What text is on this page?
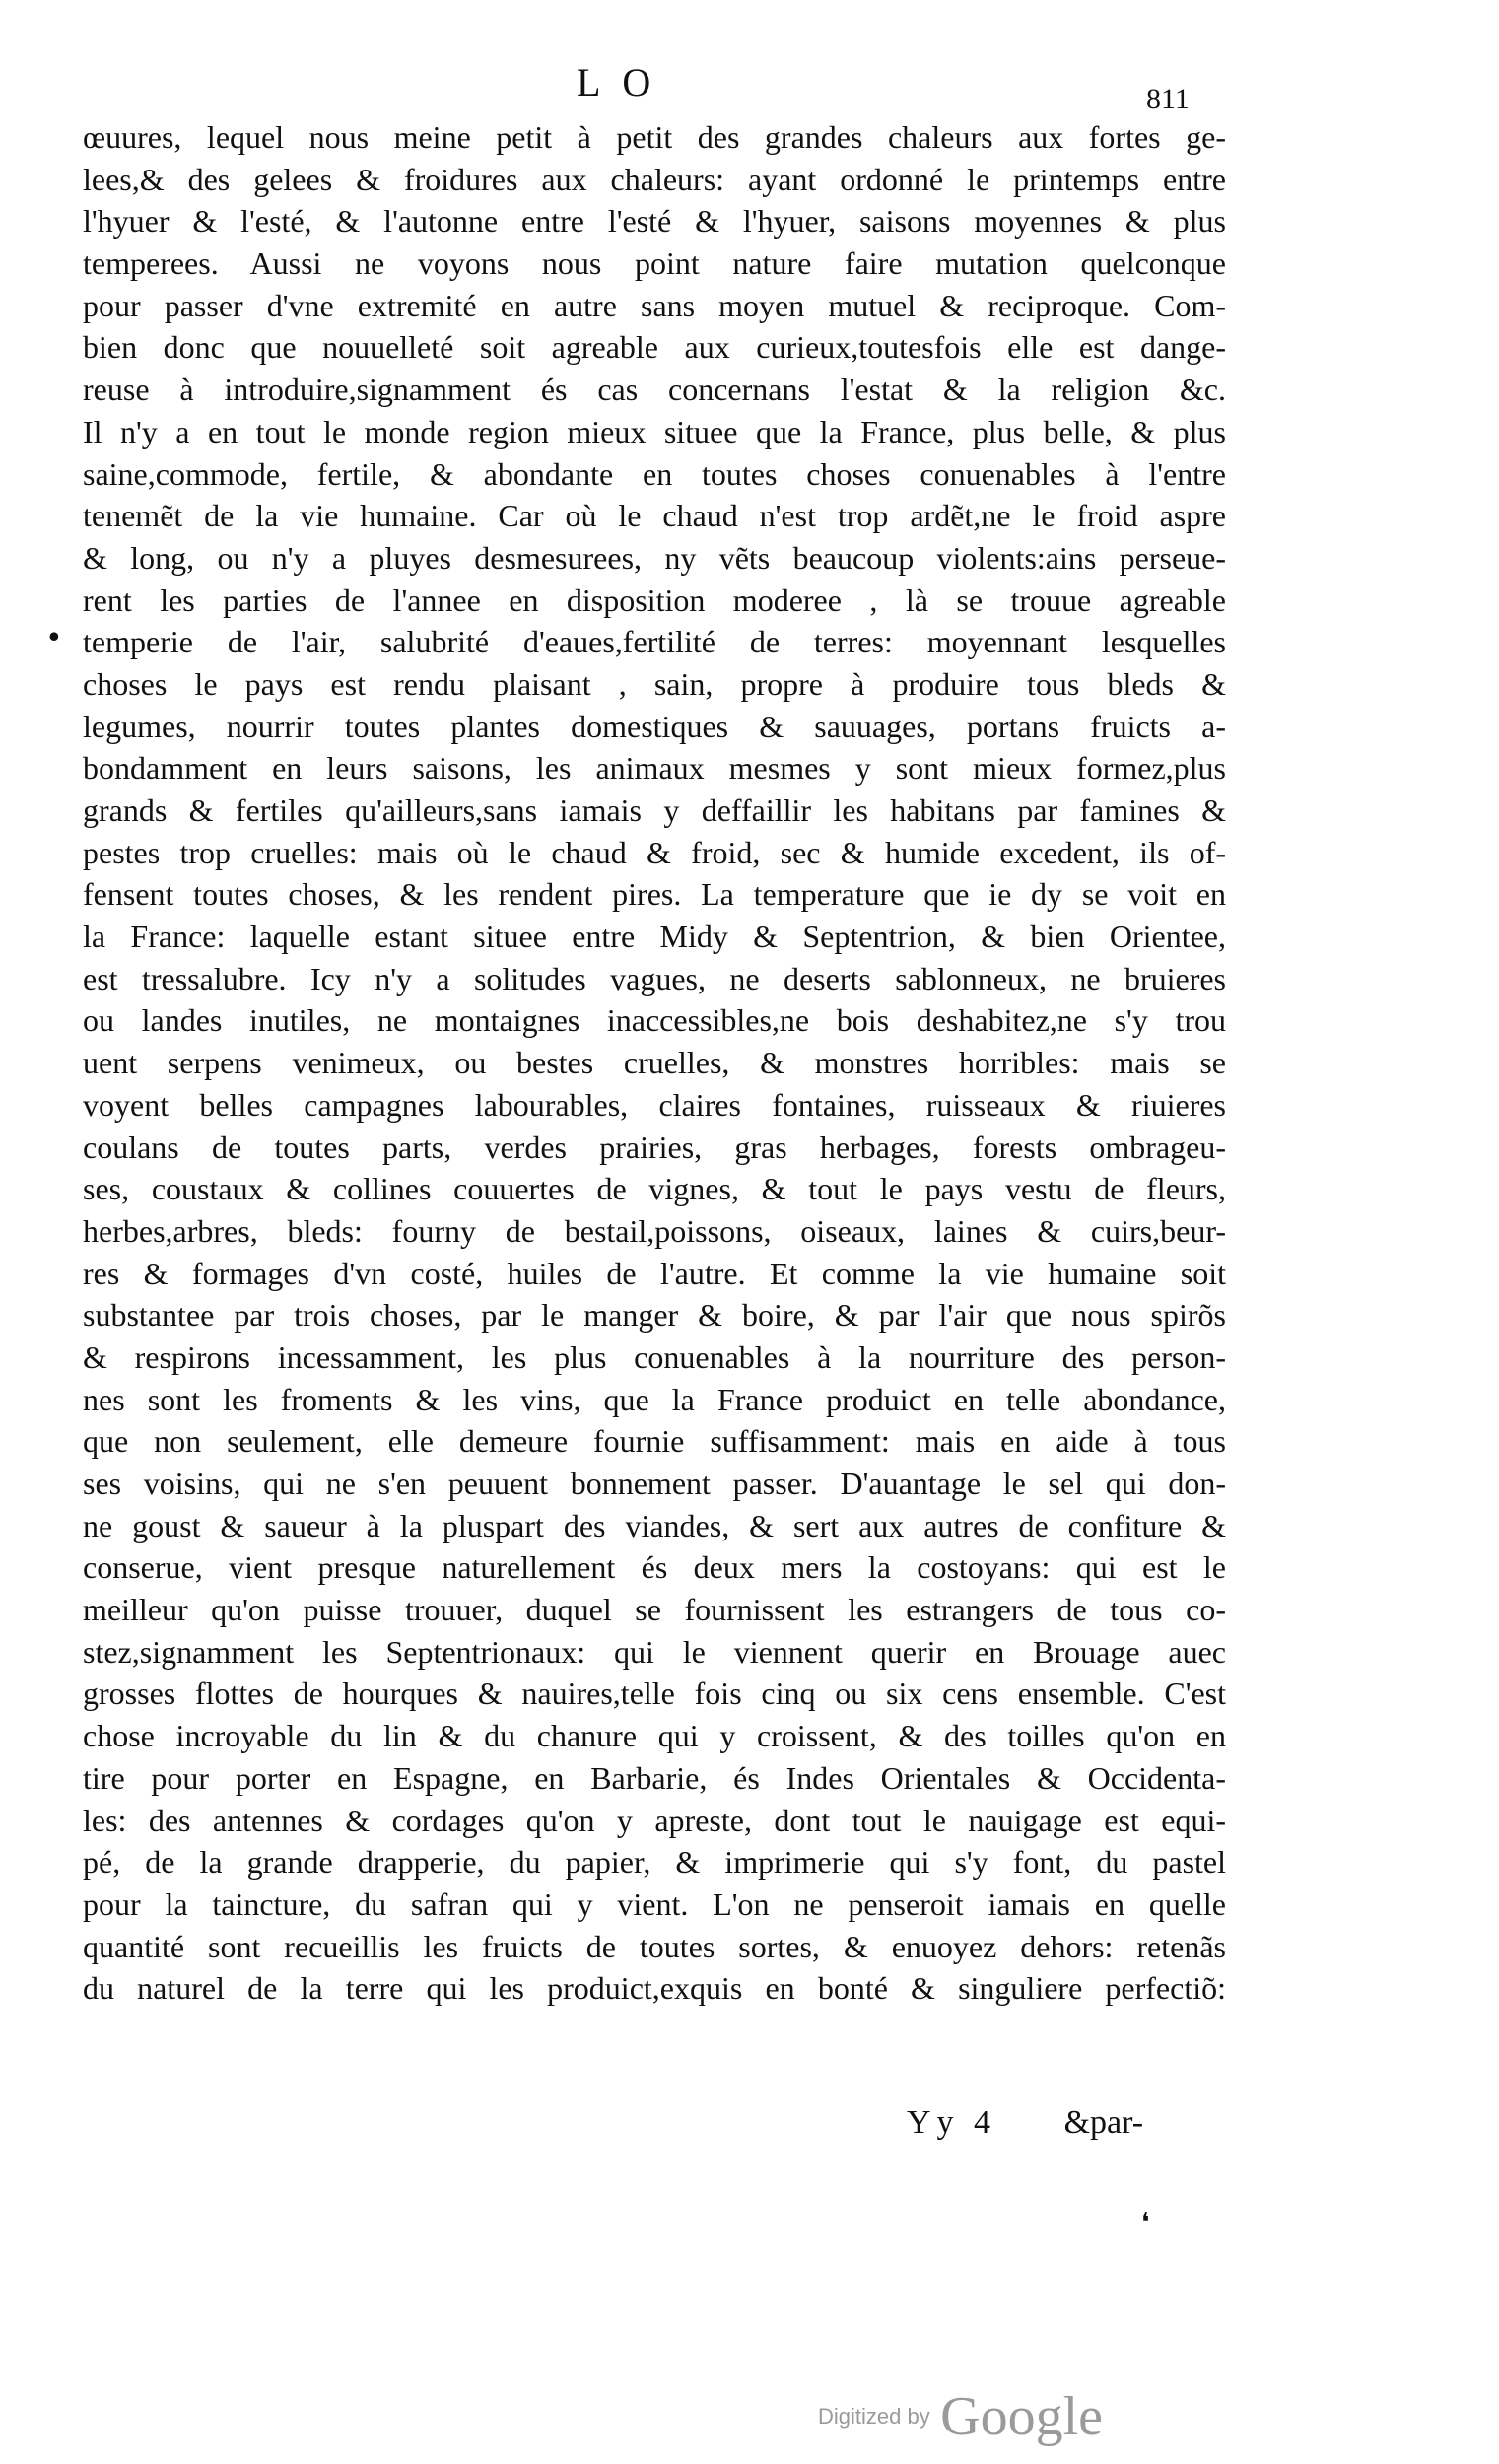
LO	811
•
œuures, lequel nous meine petit à petit des grandes chaleurs aux fortes ge-
lees,& des gelees & froidures aux chaleurs: ayant ordonné le printemps entre
l'hyuer & l'esté, & l'autonne entre l'esté & l'hyuer, saisons moyennes & plus
temperees. Aussi ne voyons nous point nature faire mutation quelconque
pour passer d'vne extremité en autre sans moyen mutuel & reciproque. Com-
bien donc que nouuelleté soit agreable aux curieux,toutesfois elle est dange-
reuse à introduire,signamment és cas concernans l'estat & la religion &c.
Il n'y a en tout le monde region mieux situee que la France, plus belle, & plus
saine,commode, fertile, & abondante en toutes choses conuenables à l'entre
tenemẽt de la vie humaine. Car où le chaud n'est trop ardẽt,ne le froid aspre
& long, ou n'y a pluyes desmesurees, ny vẽts beaucoup violents:ains perseue-
rent les parties de l'annee en disposition moderee , là se trouue agreable
temperie de l'air, salubrité d'eaues,fertilité de terres: moyennant lesquelles
choses le pays est rendu plaisant , sain, propre à produire tous bleds &
legumes, nourrir toutes plantes domestiques & sauuages, portans fruicts a-
bondamment en leurs saisons, les animaux mesmes y sont mieux formez,plus
grands & fertiles qu'ailleurs,sans iamais y deffaillir les habitans par famines &
pestes trop cruelles: mais où le chaud & froid, sec & humide excedent, ils of-
fensent toutes choses, & les rendent pires. La temperature que ie dy se voit en
la France: laquelle estant situee entre Midy & Septentrion, & bien Orientee,
est tressalubre. Icy n'y a solitudes vagues, ne deserts sablonneux, ne bruieres
ou landes inutiles, ne montaignes inaccessibles,ne bois deshabitez,ne s'y trou
uent serpens venimeux, ou bestes cruelles, & monstres horribles: mais se
voyent belles campagnes labourables, claires fontaines, ruisseaux & riuieres
coulans de toutes parts, verdes prairies, gras herbages, forests ombrageu-
ses, coustaux & collines couuertes de vignes, & tout le pays vestu de fleurs,
herbes,arbres, bleds: fourny de bestail,poissons, oiseaux, laines & cuirs,beur-
res & formages d'vn costé, huiles de l'autre. Et comme la vie humaine soit
substantee par trois choses, par le manger & boire, & par l'air que nous spirõs
& respirons incessamment, les plus conuenables à la nourriture des person-
nes sont les froments & les vins, que la France produict en telle abondance,
que non seulement, elle demeure fournie suffisamment: mais en aide à tous
ses voisins, qui ne s'en peuuent bonnement passer. D'auantage le sel qui don-
ne goust & saueur à la pluspart des viandes, & sert aux autres de confiture &
conserue, vient presque naturellement és deux mers la costoyans: qui est le
meilleur qu'on puisse trouuer, duquel se fournissent les estrangers de tous co-
stez,signamment les Septentrionaux: qui le viennent querir en Brouage auec
grosses flottes de hourques & nauires,telle fois cinq ou six cens ensemble. C'est
chose incroyable du lin & du chanure qui y croissent, & des toilles qu'on en
tire pour porter en Espagne, en Barbarie, és Indes Orientales & Occidenta-
les: des antennes & cordages qu'on y apreste, dont tout le nauigage est equi-
pé, de la grande drapperie, du papier, & imprimerie qui s'y font, du pastel
pour la taincture, du safran qui y vient. L'on ne penseroit iamais en quelle
quantité sont recueillis les fruicts de toutes sortes, & enuoyez dehors: retenãs
du naturel de la terre qui les produict,exquis en bonté & singuliere perfectiõ:
Yy 4 &par-
❛
Digitized by Google
